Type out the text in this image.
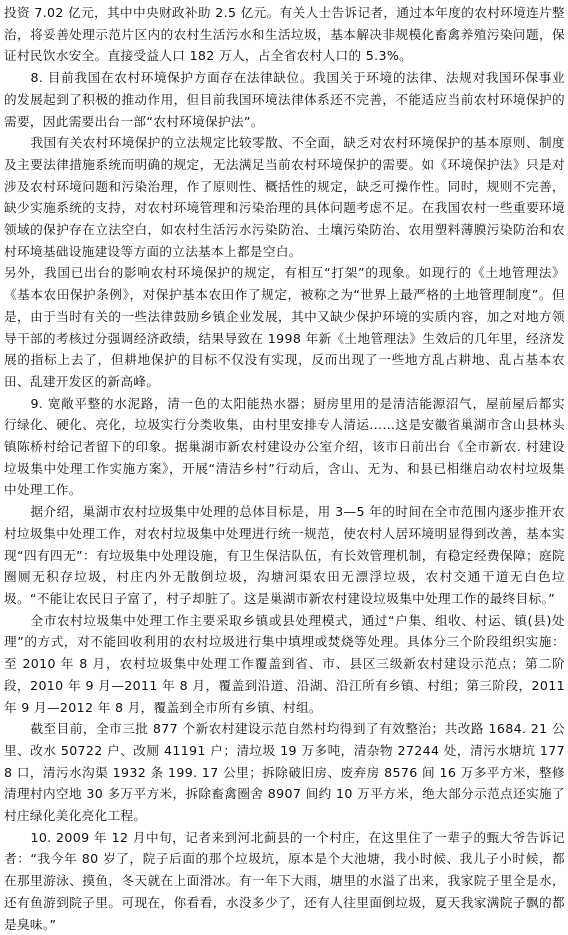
投资 7.02 亿元，其中中央财政补助 2.5 亿元。有关人士告诉记者，通过本年度的农村环境连片整治，将妥善处理示范片区内的农村生活污水和生活垃圾，基本解决非规模化畜禽养殖污染问题，保证村民饮水安全。直接受益人口 182 万人，占全省农村人口的 5.3%。

8. 目前我国在农村环境保护方面存在法律缺位。我国关于环境的法律、法规对我国环保事业的发展起到了积极的推动作用，但目前我国环境法律体系还不完善，不能适应当前农村环境保护的需要，因此需要出台一部“农村环境保护法”。

我国有关农村环境保护的立法规定比较零散、不全面，缺乏对农村环境保护的基本原则、制度及主要法律措施系统而明确的规定，无法满足当前农村环境保护的需要。如《环境保护法》只是对涉及农村环境问题和污染治理，作了原则性、概括性的规定，缺乏可操作性。同时，规则不完善，缺少实施系统的支持，对农村环境管理和污染治理的具体问题考虑不足。在我国农村一些重要环境领域的保护存在立法空白，如农村生活污水污染防治、土壤污染防治、农用塑料薄膜污染防治和农村环境基础设施建设等方面的立法基本上都是空白。

另外，我国已出台的影响农村环境保护的规定，有相互“打架”的现象。如现行的《土地管理法》《基本农田保护条例》，对保护基本农田作了规定，被称之为“世界上最严格的土地管理制度”。但是，由于当时有关的一些法律鼓励乡镇企业发展，其中又缺少保护环境的实质内容，加之对地方领导干部的考核过分强调经济政绩，结果导致在 1998 年新《土地管理法》生效后的几年里，经济发展的指标上去了，但耕地保护的目标不仅没有实现，反而出现了一些地方乱占耕地、乱占基本农田、乱建开发区的新高峰。

9. 宽敞平整的水泥路，清一色的太阳能热水器；厨房里用的是清洁能源沼气，屋前屋后都实行绿化、硬化、亮化，垃圾实行分类收集，由村里安排专人清运……这是安徽省巢湖市含山县林头镇陈桥村给记者留下的印象。据巢湖市新农村建设办公室介绍，该市日前出台《全市新农. 村建设垃圾集中处理工作实施方案》，开展“清洁乡村”行动后，含山、无为、和县已相继启动农村垃圾集中处理工作。

据介绍，巢湖市农村垃圾集中处理的总体目标是，用 3—5 年的时间在全市范围内逐步推开农村垃圾集中处理工作，对农村垃圾集中处理进行统一规范，使农村人居环境明显得到改善，基本实现“四有四无”：有垃圾集中处理设施，有卫生保洁队伍，有长效管理机制，有稳定经费保障；庭院圈厕无积存垃圾，村庄内外无散倒垃圾，沟塘河渠农田无漂浮垃圾，农村交通干道无白色垃圾。“不能让农民日子富了，村子却脏了。这是巢湖市新农村建设垃圾集中处理工作的最终目标。”

全市农村垃圾集中处理工作主要采取乡镇或县处理模式，通过“户集、组收、村运、镇(县)处理”的方式，对不能回收利用的农村垃圾进行集中填埋或焚烧等处理。具体分三个阶段组织实施：至 2010 年 8 月，农村垃圾集中处理工作覆盖到省、市、县区三级新农村建设示范点；第二阶段，2010 年 9 月—2011 年 8 月，覆盖到沿道、沿湖、沿江所有乡镇、村组；第三阶段，2011 年 9 月—2012 年 8 月，覆盖到全市所有乡镇、村组。

截至目前，全市三批 877 个新农村建设示范自然村均得到了有效整治；共改路 1684. 21 公里、改水 50722 户、改厕 41191 户；清垃圾 19 万多吨，清杂物 27244 处，清污水塘坑 1778 口，清污水沟渠 1932 条 199. 17 公里；拆除破旧房、废弃房 8576 间 16 万多平方米，整修清理村内空地 30 多万平方米，拆除畜禽圈舍 8907 间约 10 万平方米，绝大部分示范点还实施了村庄绿化美化亮化工程。

10. 2009 年 12 月中旬，记者来到河北蓟县的一个村庄，在这里住了一辈子的甄大爷告诉记者：“我今年 80 岁了，院子后面的那个垃圾坑，原本是个大池塘，我小时候、我儿子小时候，都在那里游泳、摸鱼，冬天就在上面滑冰。有一年下大雨，塘里的水溢了出来，我家院子里全是水，还有鱼游到院子里。可现在，你看看，水没多少了，还有人往里面倒垃圾，夏天我家满院子飘的都是臭味。”
